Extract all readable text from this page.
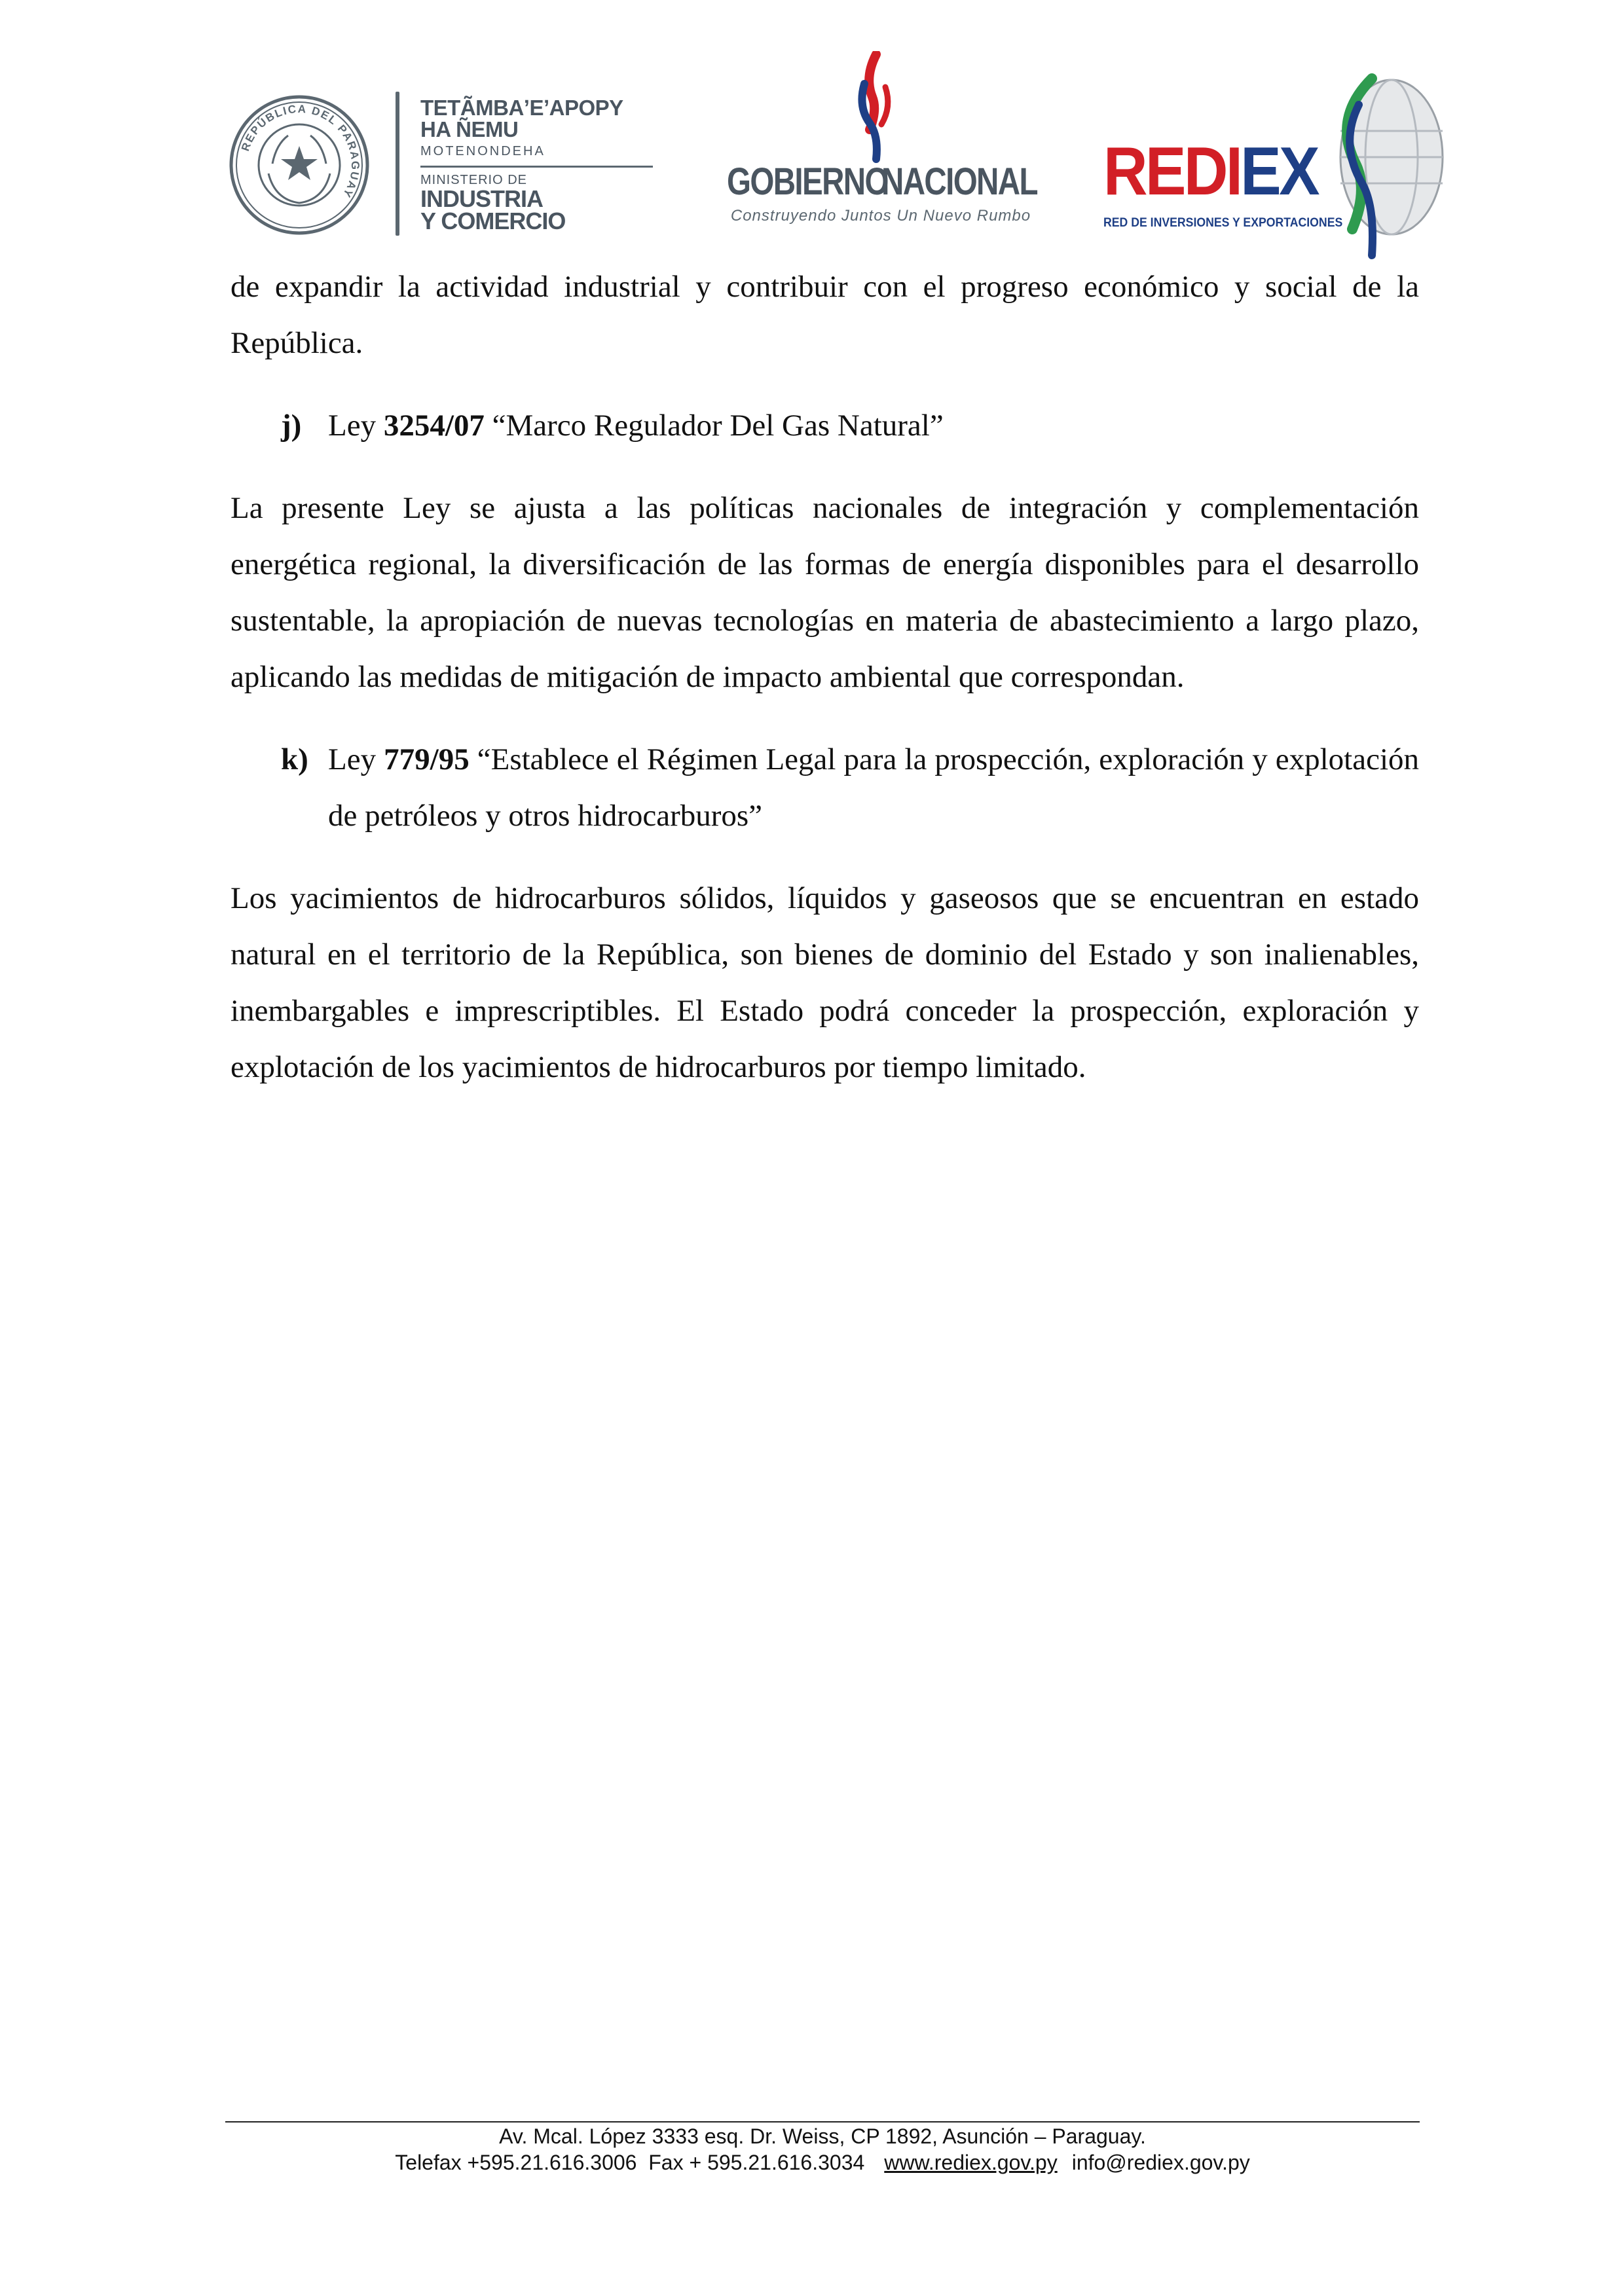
REPÚBLICA DEL PARAGUAY
TETÃMBAʼEʼAPOPY
HA ÑEMU
MOTENONDEHA
MINISTERIO DE
INDUSTRIA
Y COMERCIO
GOBIERNO
NACIONAL
Construyendo Juntos Un Nuevo Rumbo
REDIEX
RED DE INVERSIONES Y EXPORTACIONES

de expandir la actividad industrial y contribuir con el progreso económico y social de la República.

j) Ley 3254/07 “Marco Regulador Del Gas Natural”

La presente Ley se ajusta a las políticas nacionales de integración y complementación energética regional, la diversificación de las formas de energía disponibles para el desarrollo sustentable, la apropiación de nuevas tecnologías en materia de abastecimiento a largo plazo, aplicando las medidas de mitigación de impacto ambiental que correspondan.

k) Ley 779/95 “Establece el Régimen Legal para la prospección, exploración y explotación de petróleos y otros hidrocarburos”

Los yacimientos de hidrocarburos sólidos, líquidos y gaseosos que se encuentran en estado natural en el territorio de la República, son bienes de dominio del Estado y son inalienables, inembargables e imprescriptibles. El Estado podrá conceder la prospección, exploración y explotación de los yacimientos de hidrocarburos por tiempo limitado.

Av. Mcal. López 3333 esq. Dr. Weiss, CP 1892, Asunción – Paraguay.
Telefax +595.21.616.3006  Fax + 595.21.616.3034 www.rediex.gov.py info@rediex.gov.py
